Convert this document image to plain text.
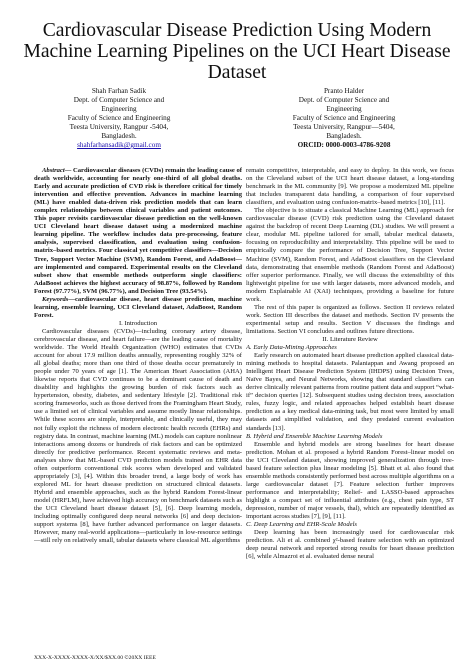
Cardiovascular Disease Prediction Using Modern Machine Learning Pipelines on the UCI Heart Disease Dataset
Shah Farhan Sadik
Dept. of Computer Science and
Engineering
Faculty of Science and Engineering
Teesta University, Rangpur -5404,
Bangladesh.
shahfarhansadik@gmail.com
Pranto Halder
Dept. of Computer Science and
Engineering
Faculty of Science and Engineering
Teesta University, Rangpur—5404,
Bangladesh.
ORCID: 0000-0003-4786-9208

Abstract— Cardiovascular diseases (CVDs) remain the leading cause of death worldwide, accounting for nearly one-third of all global deaths. Early and accurate prediction of CVD risk is therefore critical for timely intervention and effective prevention. Advances in machine learning (ML) have enabled data-driven risk prediction models that can learn complex relationships between clinical variables and patient outcomes. This paper revisits cardiovascular disease prediction on the well-known UCI Cleveland heart disease dataset using a modernized machine learning pipeline. The workflow includes data pre-processing, feature analysis, supervised classification, and evaluation using confusion-matrix–based metrics. Four classical yet competitive classifiers—Decision Tree, Support Vector Machine (SVM), Random Forest, and AdaBoost—are implemented and compared. Experimental results on the Cleveland subset show that ensemble methods outperform single classifiers: AdaBoost achieves the highest accuracy of 98.87%, followed by Random Forest (97.77%), SVM (96.77%), and Decision Tree (93.54%).

Keywords—cardiovascular disease, heart disease prediction, machine learning, ensemble learning, UCI Cleveland dataset, AdaBoost, Random Forest.

I. Introduction

Cardiovascular diseases (CVDs)—including coronary artery disease, cerebrovascular disease, and heart failure—are the leading cause of mortality worldwide. The World Health Organization (WHO) estimates that CVDs account for about 17.9 million deaths annually, representing roughly 32% of all global deaths; more than one third of those deaths occur prematurely in people under 70 years of age [1]. The American Heart Association (AHA) likewise reports that CVD continues to be a dominant cause of death and disability and highlights the growing burden of risk factors such as hypertension, obesity, diabetes, and sedentary lifestyle [2]. Traditional risk scoring frameworks, such as those derived from the Framingham Heart Study, use a limited set of clinical variables and assume mostly linear relationships. While these scores are simple, interpretable, and clinically useful, they may not fully exploit the richness of modern electronic health records (EHRs) and registry data. In contrast, machine learning (ML) models can capture nonlinear interactions among dozens or hundreds of risk factors and can be optimized directly for predictive performance. Recent systematic reviews and meta-analyses show that ML-based CVD prediction models trained on EHR data often outperform conventional risk scores when developed and validated appropriately [3], [4]. Within this broader trend, a large body of work has explored ML for heart disease prediction on structured clinical datasets. Hybrid and ensemble approaches, such as the hybrid Random Forest-linear model (HRFLM), have achieved high accuracy on benchmark datasets such as the UCI Cleveland heart disease dataset [5], [6]. Deep learning models, including optimally configured deep neural networks [6] and deep decision-support systems [8], have further advanced performance on larger datasets. However, many real-world applications—particularly in low-resource settings—still rely on relatively small, tabular datasets where classical ML algorithms

remain competitive, interpretable, and easy to deploy. In this work, we focus on the Cleveland subset of the UCI heart disease dataset, a long-standing benchmark in the ML community [9]. We propose a modernized ML pipeline that includes transparent data handling, a comparison of four supervised classifiers, and evaluation using confusion-matrix–based metrics [10], [11].

The objective is to situate a classical Machine Learning (ML) approach for cardiovascular disease (CVD) risk prediction using the Cleveland dataset against the backdrop of recent Deep Learning (DL) studies. We will present a clear, modular ML pipeline tailored for small, tabular medical datasets, focusing on reproducibility and interpretability. This pipeline will be used to empirically compare the performance of Decision Tree, Support Vector Machine (SVM), Random Forest, and AdaBoost classifiers on the Cleveland data, demonstrating that ensemble methods (Random Forest and AdaBoost) offer superior performance. Finally, we will discuss the extensibility of this lightweight pipeline for use with larger datasets, more advanced models, and modern Explainable AI (XAI) techniques, providing a baseline for future work.

The rest of this paper is organized as follows. Section II reviews related work. Section III describes the dataset and methods. Section IV presents the experimental setup and results. Section V discusses the findings and limitations. Section VI concludes and outlines future directions.

II. Literature Review

A. Early Data-Mining Approaches

Early research on automated heart disease prediction applied classical data-mining methods to hospital datasets. Palaniappan and Awang proposed an Intelligent Heart Disease Prediction System (IHDPS) using Decision Trees, Naïve Bayes, and Neural Networks, showing that standard classifiers can derive clinically relevant patterns from routine patient data and support “what-if” decision queries [12]. Subsequent studies using decision trees, association rules, fuzzy logic, and related approaches helped establish heart disease prediction as a key medical data-mining task, but most were limited by small datasets and simplified validation, and they predated current evaluation standards [13].

B. Hybrid and Ensemble Machine Learning Models

Ensemble and hybrid models are strong baselines for heart disease prediction. Mohan et al. proposed a hybrid Random Forest–linear model on the UCI Cleveland dataset, showing improved generalization through tree-based feature selection plus linear modeling [5]. Bhatt et al. also found that ensemble methods consistently performed best across multiple algorithms on a large cardiovascular dataset [7]. Feature selection further improves performance and interpretability; Relief- and LASSO-based approaches highlight a compact set of influential attributes (e.g., chest pain type, ST depression, number of major vessels, thal), which are repeatedly identified as important across studies [7], [9], [11].

C. Deep Learning and EHR-Scale Models

Deep learning has been increasingly used for cardiovascular risk prediction. Ali et al. combined χ²-based feature selection with an optimized deep neural network and reported strong results for heart disease prediction [6], while Almazroi et al. evaluated dense neural

XXX-X-XXXX-XXXX-X/XX/$XX.00 ©20XX IEEE
